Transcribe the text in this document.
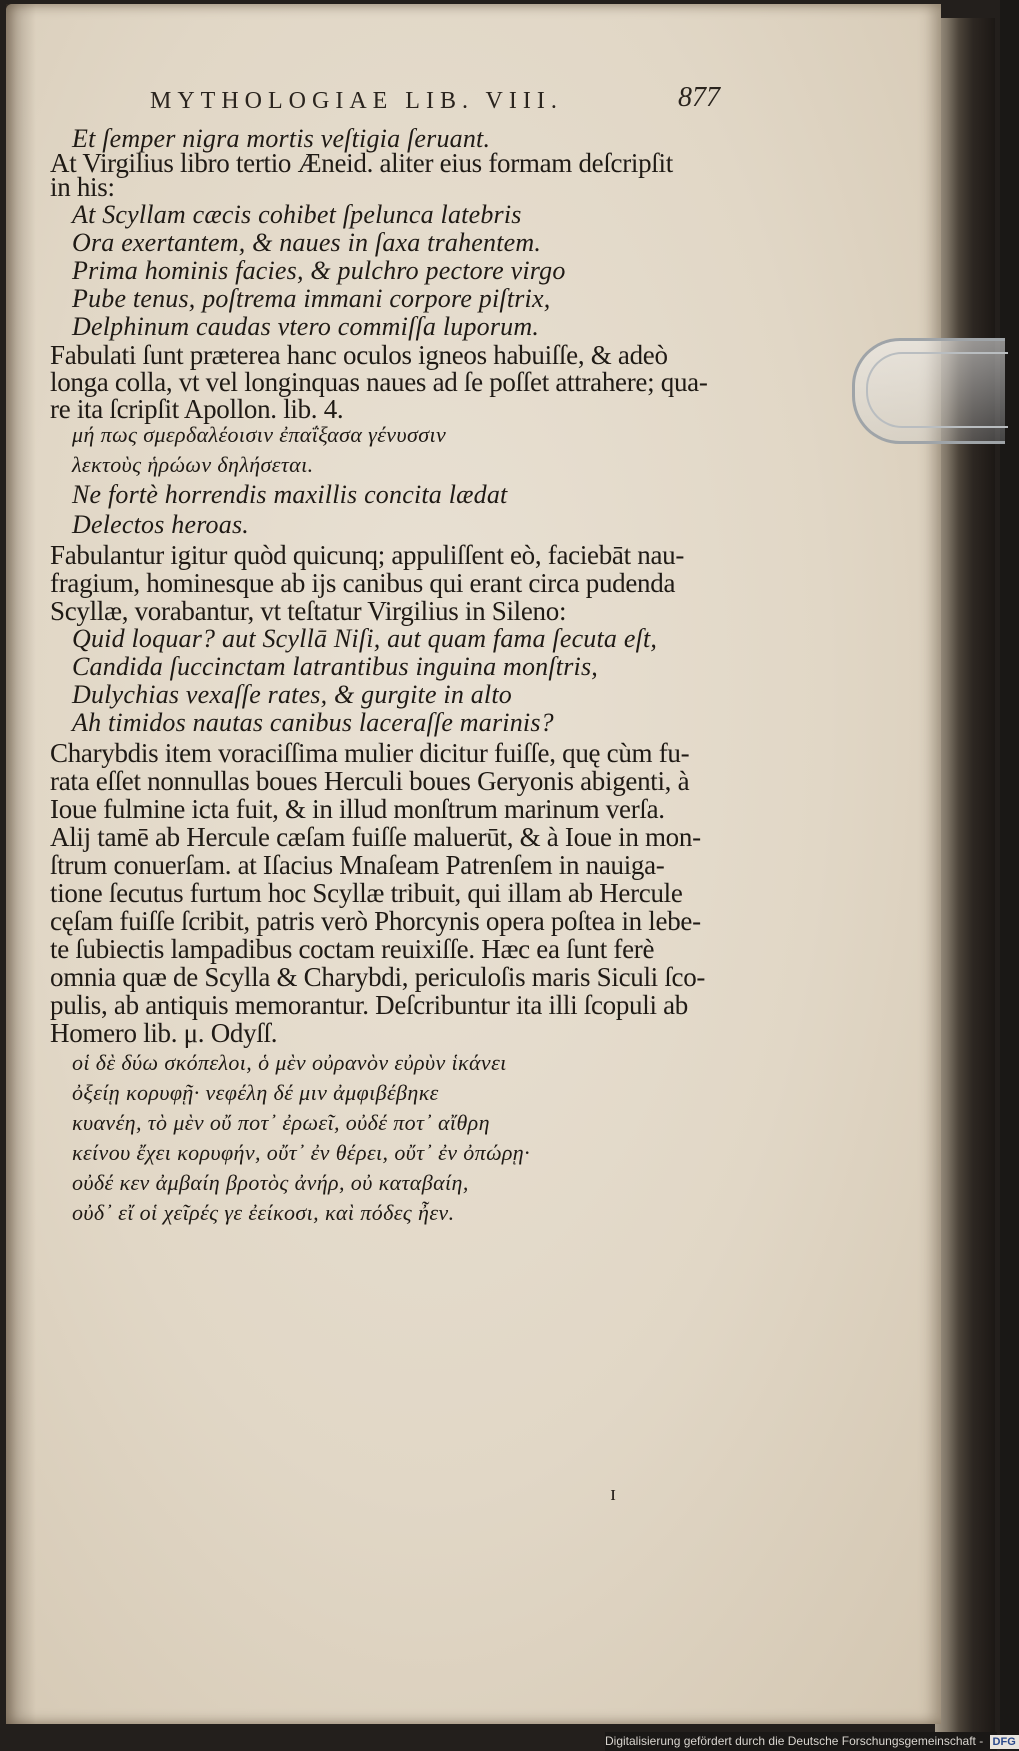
MYTHOLOGIAE LIB. VIII.	877
Et ſemper nigra mortis veſtigia ſeruant.
At Virgilius libro tertio Æneid. aliter eius formam deſcripſit
in his:
At Scyllam cæcis cohibet ſpelunca latebris
Ora exertantem, & naues in ſaxa trahentem.
Prima hominis facies, & pulchro pectore virgo
Pube tenus, poſtrema immani corpore piſtrix,
Delphinum caudas vtero commiſſa luporum.
Fabulati ſunt præterea hanc oculos igneos habuiſſe, & adeò
longa colla, vt vel longinquas naues ad ſe poſſet attrahere; qua-
re ita ſcripſit Apollon. lib. 4.
μή πως σμερδαλέοισιν ἐπαΐξασα γένυσσιν
λεκτοὺς ἡρώων δηλήσεται.
Ne fortè horrendis maxillis concita lædat
Delectos heroas.
Fabulantur igitur quòd quicunq; appuliſſent eò, faciebāt nau-
fragium, hominesque ab ijs canibus qui erant circa pudenda
Scyllæ, vorabantur, vt teſtatur Virgilius in Sileno:
Quid loquar? aut Scyllā Niſi, aut quam fama ſecuta eſt,
Candida ſuccinctam latrantibus inguina monſtris,
Dulychias vexaſſe rates, & gurgite in alto
Ah timidos nautas canibus laceraſſe marinis?
Charybdis item voraciſſima mulier dicitur fuiſſe, quę cùm fu-
rata eſſet nonnullas boues Herculi boues Geryonis abigenti, à
Ioue fulmine icta fuit, & in illud monſtrum marinum verſa.
Alij tamē ab Hercule cæſam fuiſſe maluerūt, & à Ioue in mon-
ſtrum conuerſam. at Iſacius Mnaſeam Patrenſem in nauiga-
tione ſecutus furtum hoc Scyllæ tribuit, qui illam ab Hercule
cęſam fuiſſe ſcribit, patris verò Phorcynis opera poſtea in lebe-
te ſubiectis lampadibus coctam reuixiſſe. Hæc ea ſunt ferè
omnia quæ de Scylla & Charybdi, periculoſis maris Siculi ſco-
pulis, ab antiquis memorantur. Deſcribuntur ita illi ſcopuli ab
Homero lib. μ. Odyſſ.
οἱ δὲ δύω σκόπελοι, ὁ μὲν οὐρανὸν εὐρὺν ἱκάνει
ὀξείῃ κορυφῇ· νεφέλη δέ μιν ἀμφιβέβηκε
κυανέη, τὸ μὲν οὔ ποτ᾽ ἐρωεῖ, οὐδέ ποτ᾽ αἴθρη
κείνου ἔχει κορυφήν, οὔτ᾽ ἐν θέρει, οὔτ᾽ ἐν ὀπώρῃ·
οὐδέ κεν ἀμβαίη βροτὸς ἀνήρ, οὐ καταβαίη,
οὐδ᾽ εἴ οἱ χεῖρές γε ἐείκοσι, καὶ πόδες ἦεν.
ɪ
Digitalisierung gefördert durch die Deutsche Forschungsgemeinschaft - DFG
